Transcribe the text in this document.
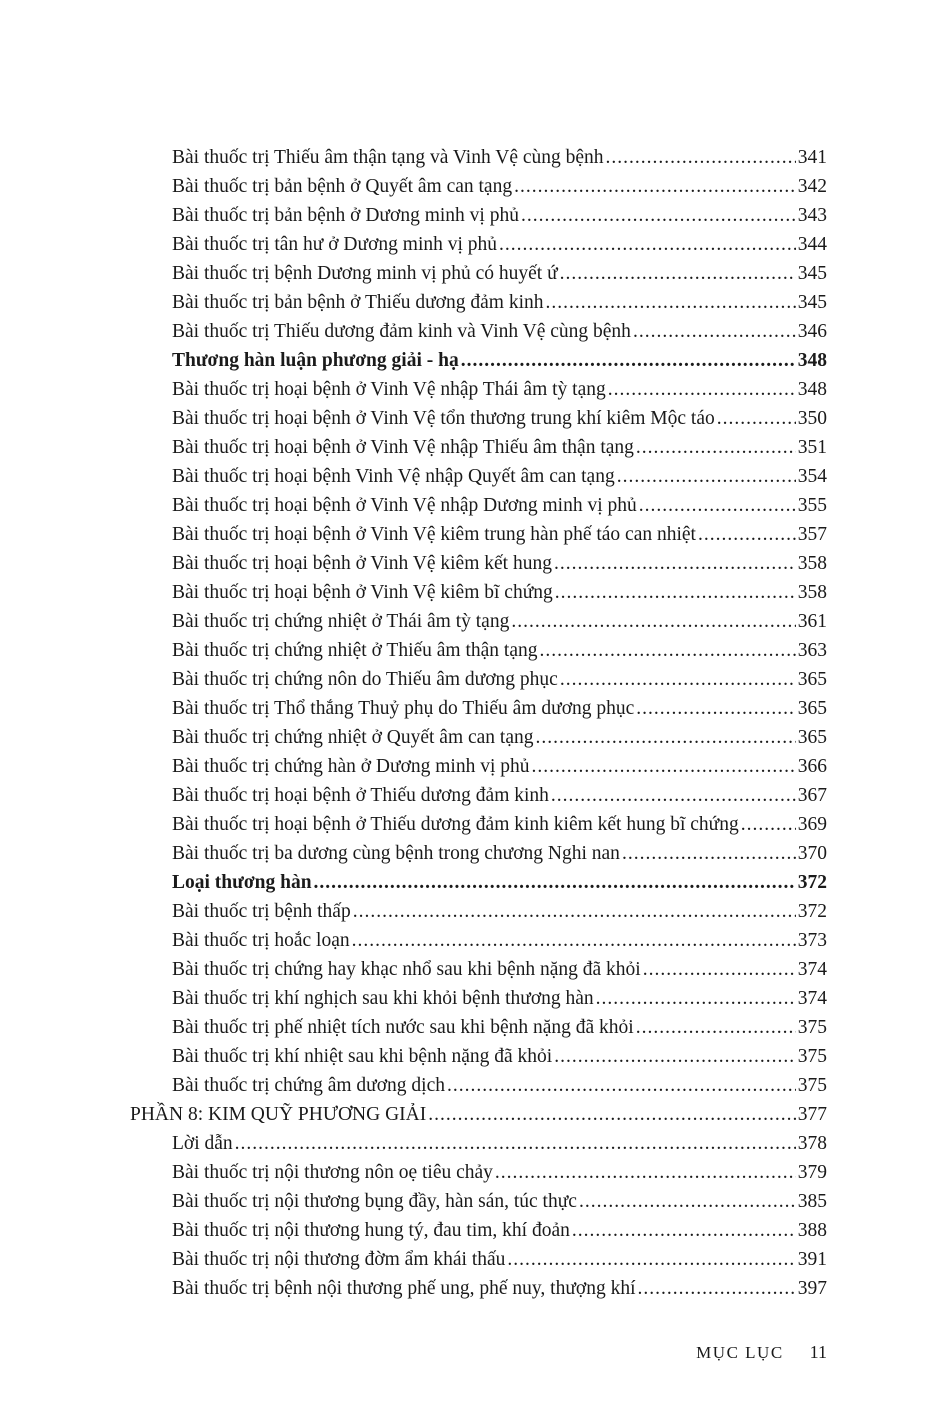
Bài thuốc trị Thiếu âm thận tạng và Vinh Vệ cùng bệnh .....	341
Bài thuốc trị bản bệnh ở Quyết âm can tạng .....	342
Bài thuốc trị bản bệnh ở Dương minh vị phủ .....	343
Bài thuốc trị tân hư ở Dương minh vị phủ .....	344
Bài thuốc trị bệnh Dương minh vị phủ có huyết ứ .....	345
Bài thuốc trị bản bệnh ở Thiếu dương đảm kinh .....	345
Bài thuốc trị Thiếu dương đảm kinh và Vinh Vệ cùng bệnh .....	346
Thương hàn luận phương giải - hạ .....	348
Bài thuốc trị hoại bệnh ở Vinh Vệ nhập Thái âm tỳ tạng .....	348
Bài thuốc trị hoại bệnh ở Vinh Vệ tổn thương trung khí kiêm Mộc táo .....	350
Bài thuốc trị hoại bệnh ở Vinh Vệ nhập Thiếu âm thận tạng .....	351
Bài thuốc trị hoại bệnh Vinh Vệ nhập Quyết âm can tạng .....	354
Bài thuốc trị hoại bệnh ở Vinh Vệ nhập Dương minh vị phủ .....	355
Bài thuốc trị hoại bệnh ở Vinh Vệ kiêm trung hàn phế táo can nhiệt .....	357
Bài thuốc trị hoại bệnh ở Vinh Vệ kiêm kết hung .....	358
Bài thuốc trị hoại bệnh ở Vinh Vệ kiêm bĩ chứng .....	358
Bài thuốc trị chứng nhiệt ở Thái âm tỳ tạng .....	361
Bài thuốc trị chứng nhiệt ở Thiếu âm thận tạng .....	363
Bài thuốc trị chứng nôn do Thiếu âm dương phục .....	365
Bài thuốc trị Thổ thắng Thuỷ phụ do Thiếu âm dương phục .....	365
Bài thuốc trị chứng nhiệt ở Quyết âm can tạng .....	365
Bài thuốc trị chứng hàn ở Dương minh vị phủ .....	366
Bài thuốc trị hoại bệnh ở Thiếu dương đảm kinh .....	367
Bài thuốc trị hoại bệnh ở Thiếu dương đảm kinh kiêm kết hung bĩ chứng .....	369
Bài thuốc trị ba dương cùng bệnh trong chương Nghi nan .....	370
Loại thương hàn .....	372
Bài thuốc trị bệnh thấp .....	372
Bài thuốc trị hoắc loạn .....	373
Bài thuốc trị chứng hay khạc nhổ sau khi bệnh nặng đã khỏi .....	374
Bài thuốc trị khí nghịch sau khi khỏi bệnh thương hàn .....	374
Bài thuốc trị phế nhiệt tích nước sau khi bệnh nặng đã khỏi .....	375
Bài thuốc trị khí nhiệt sau khi bệnh nặng đã khỏi .....	375
Bài thuốc trị chứng âm dương dịch .....	375
PHẦN 8: KIM QUỸ PHƯƠNG GIẢI .....	377
Lời dẫn .....	378
Bài thuốc trị nội thương nôn oẹ tiêu chảy .....	379
Bài thuốc trị nội thương bụng đầy, hàn sán, túc thực .....	385
Bài thuốc trị nội thương hung tý, đau tim, khí đoản .....	388
Bài thuốc trị nội thương đờm ẩm khái thấu .....	391
Bài thuốc trị bệnh nội thương phế ung, phế nuy, thượng khí .....	397
MỤC LỤC 11
